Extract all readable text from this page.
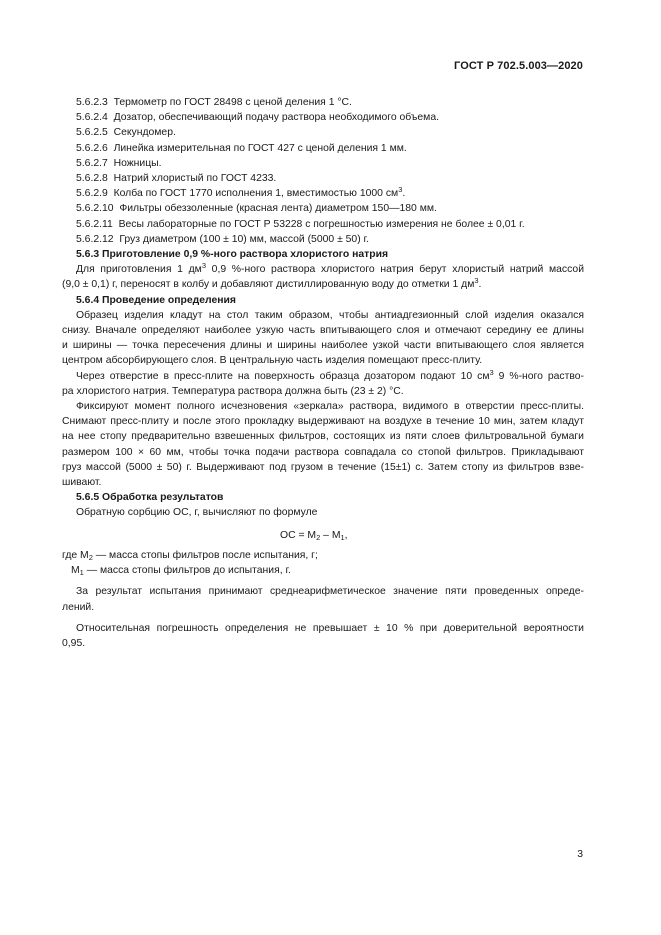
ГОСТ Р 702.5.003—2020
5.6.2.3 Термометр по ГОСТ 28498 с ценой деления 1 °С.
5.6.2.4 Дозатор, обеспечивающий подачу раствора необходимого объема.
5.6.2.5 Секундомер.
5.6.2.6 Линейка измерительная по ГОСТ 427 с ценой деления 1 мм.
5.6.2.7 Ножницы.
5.6.2.8 Натрий хлористый по ГОСТ 4233.
5.6.2.9 Колба по ГОСТ 1770 исполнения 1, вместимостью 1000 $см^3$.
5.6.2.10 Фильтры обеззоленные (красная лента) диаметром 150—180 мм.
5.6.2.11 Весы лабораторные по ГОСТ Р 53228 с погрешностью измерения не более ± 0,01 г.
5.6.2.12 Груз диаметром (100 ± 10) мм, массой (5000 ± 50) г.
5.6.3 Приготовление 0,9 %-ного раствора хлористого натрия
Для приготовления 1 $дм^3$ 0,9 %-ного раствора хлористого натрия берут хлористый натрий массой
(9,0 ± 0,1) г, переносят в колбу и добавляют дистиллированную воду до отметки 1 $дм^3$.
5.6.4 Проведение определения
Образец изделия кладут на стол таким образом, чтобы антиадгезионный слой изделия оказался
снизу. Вначале определяют наиболее узкую часть впитывающего слоя и отмечают середину ее длины
и ширины — точка пересечения длины и ширины наиболее узкой части впитывающего слоя является
центром абсорбирующего слоя. В центральную часть изделия помещают пресс-плиту.
Через отверстие в пресс-плите на поверхность образца дозатором подают 10 $см^3$ 9 %-ного раство-
ра хлористого натрия. Температура раствора должна быть (23 ± 2) °С.
Фиксируют момент полного исчезновения «зеркала» раствора, видимого в отверстии пресс-плиты.
Снимают пресс-плиту и после этого прокладку выдерживают на воздухе в течение 10 мин, затем кладут
на нее стопу предварительно взвешенных фильтров, состоящих из пяти слоев фильтровальной бумаги
размером 100 × 60 мм, чтобы точка подачи раствора совпадала со стопой фильтров. Прикладывают
груз массой (5000 ± 50) г. Выдерживают под грузом в течение (15±1) с. Затем стопу из фильтров взве-
шивают.
5.6.5 Обработка результатов
Обратную сорбцию ОС, г, вычисляют по формуле
ОС = $М_2 - М_1$,
где $М_2$ — масса стопы фильтров после испытания, г;
$М_1$ — масса стопы фильтров до испытания, г.
За результат испытания принимают среднеарифметическое значение пяти проведенных опреде-
лений.
Относительная погрешность определения не превышает ± 10 % при доверительной вероятности
0,95.
3
